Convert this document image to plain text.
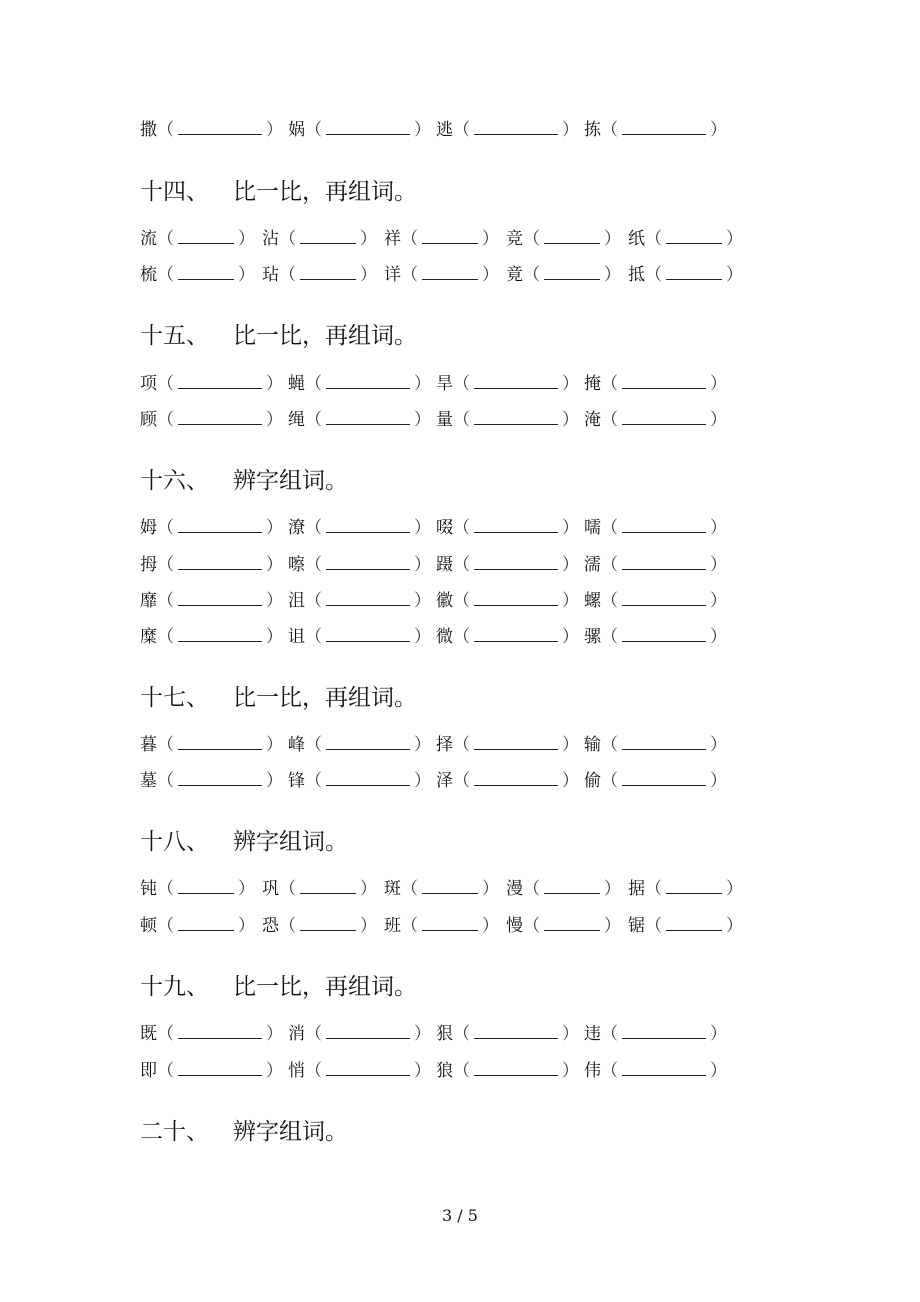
撒（	） 娲（	） 逃（	） 拣（	）
十四、 比一比，再组词。
流（	） 沾（	） 祥（	） 竞（	） 纸（	）
梳（	） 玷（	） 详（	） 竟（	） 抵（	）
十五、 比一比，再组词。
项（	） 蝇（	） 旱（	） 掩（	）
顾（	） 绳（	） 量（	） 淹（	）
十六、 辨字组词。
姆（	） 潦（	） 啜（	） 嚅（	）
拇（	） 嚓（	） 蹑（	） 濡（	）
靡（	） 沮（	） 徽（	） 螺（	）
糜（	） 诅（	） 微（	） 骡（	）
十七、 比一比，再组词。
暮（	） 峰（	） 择（	） 输（	）
墓（	） 锋（	） 泽（	） 偷（	）
十八、 辨字组词。
钝（	） 巩（	） 斑（	） 漫（	） 据（	）
顿（	） 恐（	） 班（	） 慢（	） 锯（	）
十九、 比一比，再组词。
既（	） 消（	） 狠（	） 违（	）
即（	） 悄（	） 狼（	） 伟（	）
二十、 辨字组词。
3 / 5
